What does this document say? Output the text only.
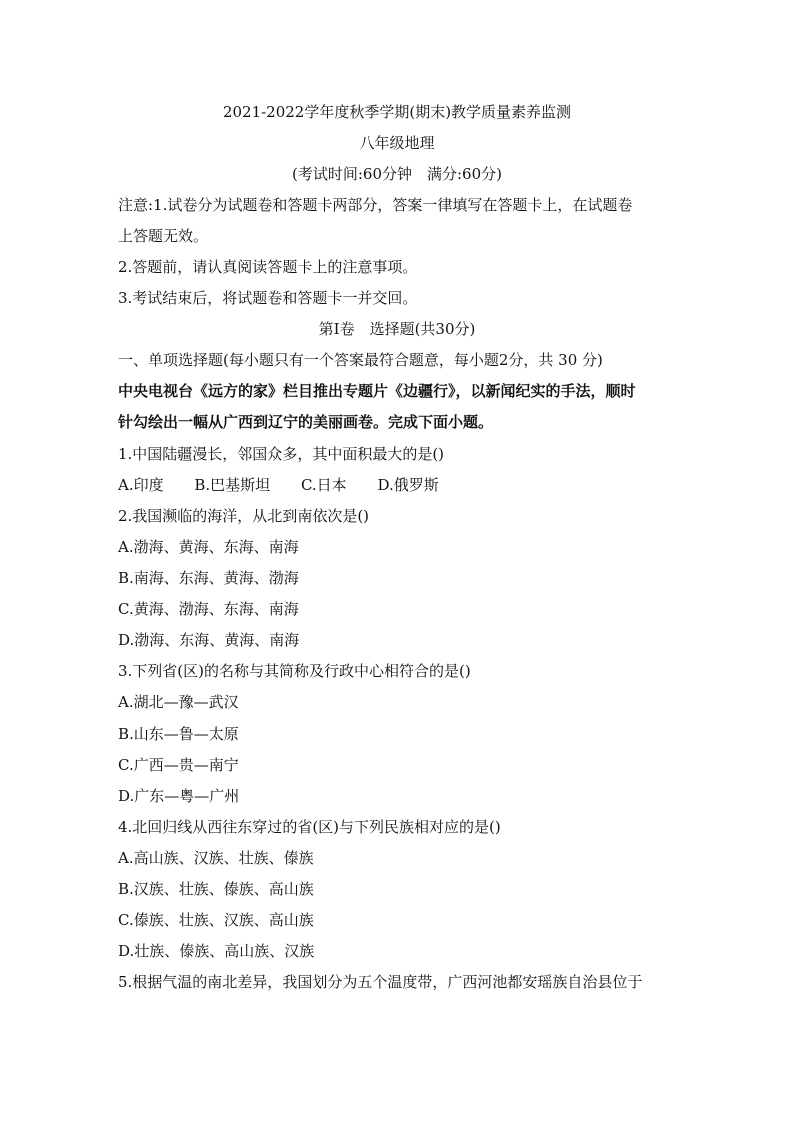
2021-2022学年度秋季学期(期末)教学质量素养监测
八年级地理
(考试时间:60分钟　满分:60分)
注意:1.试卷分为试题卷和答题卡两部分，答案一律填写在答题卡上，在试题卷
上答题无效。
2.答题前，请认真阅读答题卡上的注意事项。
3.考试结束后，将试题卷和答题卡一并交回。
第Ⅰ卷　选择题(共30分)
一、单项选择题(每小题只有一个答案最符合题意，每小题2分，共 30 分)
中央电视台《远方的家》栏目推出专题片《边疆行》，以新闻纪实的手法，顺时
针勾绘出一幅从广西到辽宁的美丽画卷。完成下面小题。
1.中国陆疆漫长，邻国众多，其中面积最大的是()
A.印度 B.巴基斯坦 C.日本 D.俄罗斯
2.我国濒临的海洋，从北到南依次是()
A.渤海、黄海、东海、南海
B.南海、东海、黄海、渤海
C.黄海、渤海、东海、南海
D.渤海、东海、黄海、南海
3.下列省(区)的名称与其简称及行政中心相符合的是()
A.湖北—豫—武汉
B.山东—鲁—太原
C.广西—贵—南宁
D.广东—粤—广州
4.北回归线从西往东穿过的省(区)与下列民族相对应的是()
A.高山族、汉族、壮族、傣族
B.汉族、壮族、傣族、高山族
C.傣族、壮族、汉族、高山族
D.壮族、傣族、高山族、汉族
5.根据气温的南北差异，我国划分为五个温度带，广西河池都安瑶族自治县位于
